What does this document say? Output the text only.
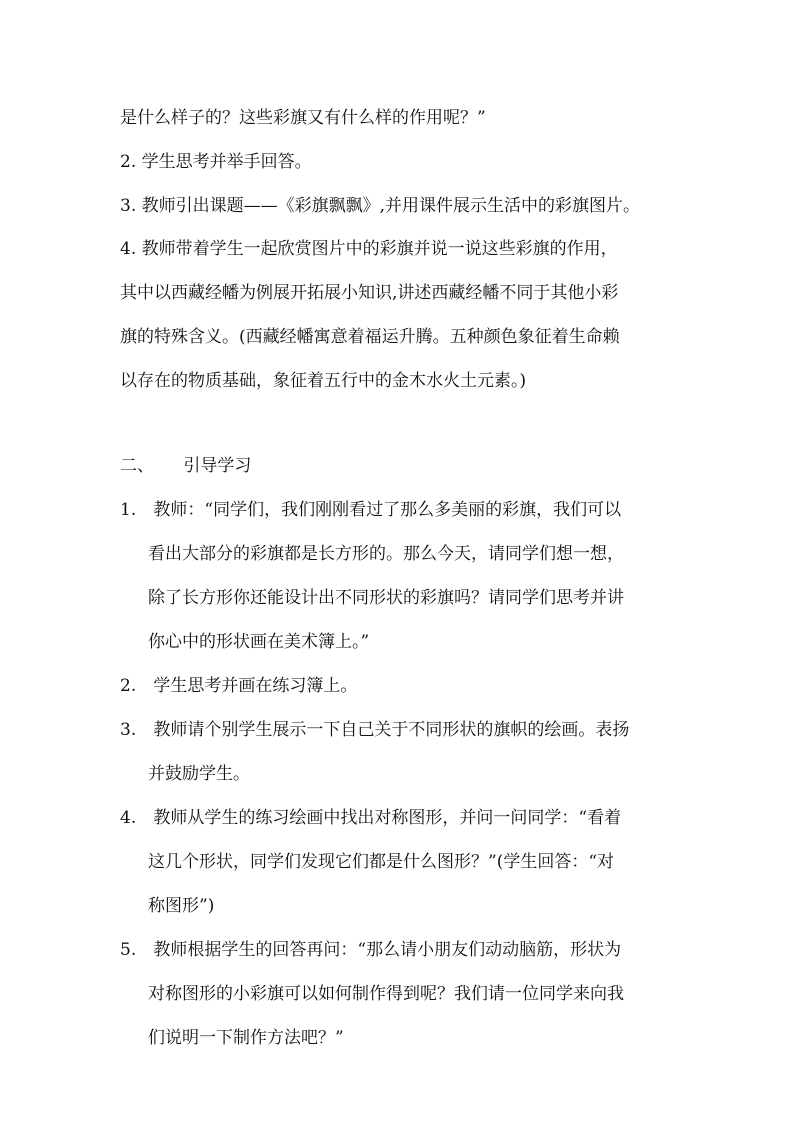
是什么样子的？这些彩旗又有什么样的作用呢？”
2. 学生思考并举手回答。
3. 教师引出课题——《彩旗飘飘》,并用课件展示生活中的彩旗图片。
4. 教师带着学生一起欣赏图片中的彩旗并说一说这些彩旗的作用，
其中以西藏经幡为例展开拓展小知识,讲述西藏经幡不同于其他小彩
旗的特殊含义。(西藏经幡寓意着福运升腾。五种颜色象征着生命赖
以存在的物质基础，象征着五行中的金木水火土元素。)
二、 引导学习
1. 教师：“同学们，我们刚刚看过了那么多美丽的彩旗，我们可以
看出大部分的彩旗都是长方形的。那么今天，请同学们想一想，
除了长方形你还能设计出不同形状的彩旗吗？请同学们思考并讲
你心中的形状画在美术簿上。”
2. 学生思考并画在练习簿上。
3. 教师请个别学生展示一下自己关于不同形状的旗帜的绘画。表扬
并鼓励学生。
4. 教师从学生的练习绘画中找出对称图形，并问一问同学：“看着
这几个形状，同学们发现它们都是什么图形？”(学生回答：“对
称图形”)
5. 教师根据学生的回答再问：“那么请小朋友们动动脑筋，形状为
对称图形的小彩旗可以如何制作得到呢？我们请一位同学来向我
们说明一下制作方法吧？”
